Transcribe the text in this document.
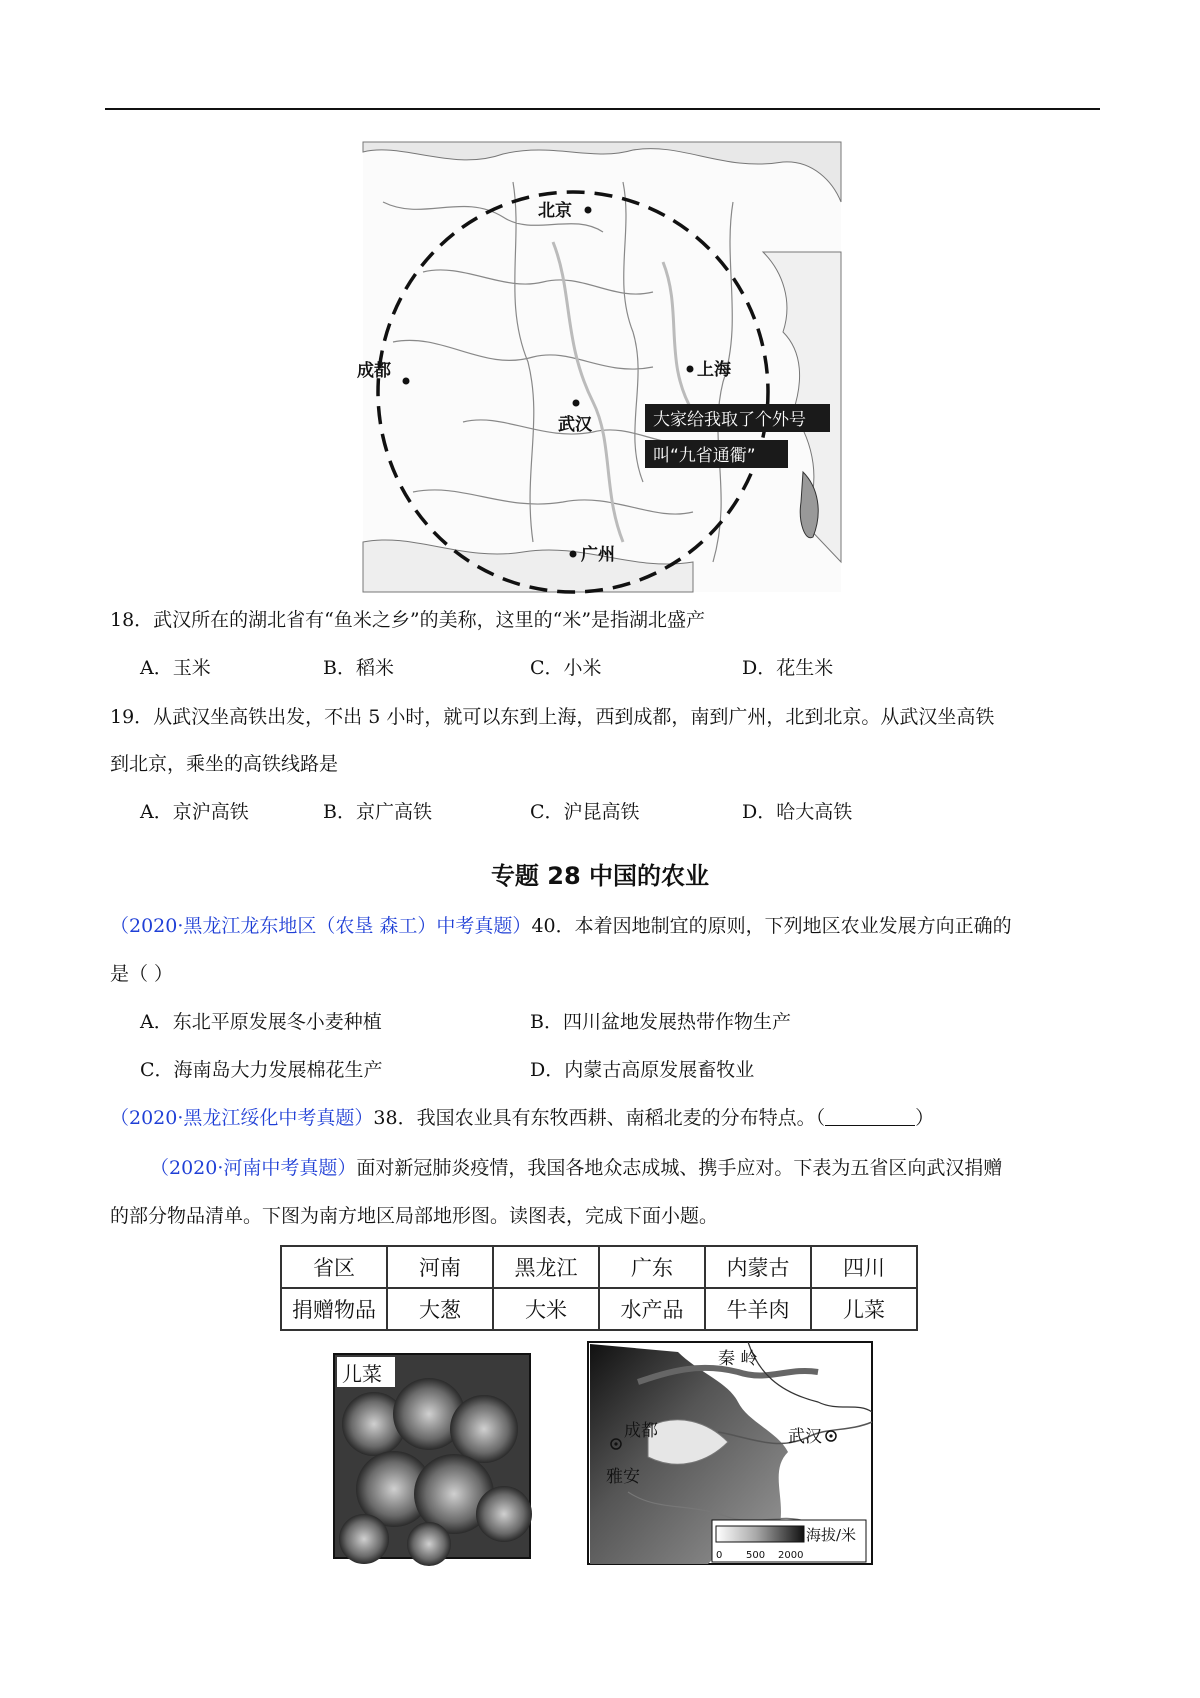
北京
成都	上海
武汉
广州
大家给我取了个外号
叫“九省通衢”
18．武汉所在的湖北省有“鱼米之乡”的美称，这里的“米”是指湖北盛产
A．玉米	B．稻米	C．小米	D．花生米
19．从武汉坐高铁出发，不出 5 小时，就可以东到上海，西到成都，南到广州，北到北京。从武汉坐高铁
到北京，乘坐的高铁线路是
A．京沪高铁	B．京广高铁	C．沪昆高铁	D．哈大高铁
专题 28 中国的农业
（2020·黑龙江龙东地区（农垦 森工）中考真题）40．本着因地制宜的原则，下列地区农业发展方向正确的
是（ ）
A．东北平原发展冬小麦种植	B．四川盆地发展热带作物生产
C．海南岛大力发展棉花生产	D．内蒙古高原发展畜牧业
（2020·黑龙江绥化中考真题）38．我国农业具有东牧西耕、南稻北麦的分布特点。（	）
（2020·河南中考真题）面对新冠肺炎疫情，我国各地众志成城、携手应对。下表为五省区向武汉捐赠
的部分物品清单。下图为南方地区局部地形图。读图表，完成下面小题。
省区	河南	黑龙江	广东	内蒙古	四川
捐赠物品	大葱	大米	水产品	牛羊肉	儿菜
儿菜
秦 岭
成都
雅安
武汉
海拔/米
0 500 2000
